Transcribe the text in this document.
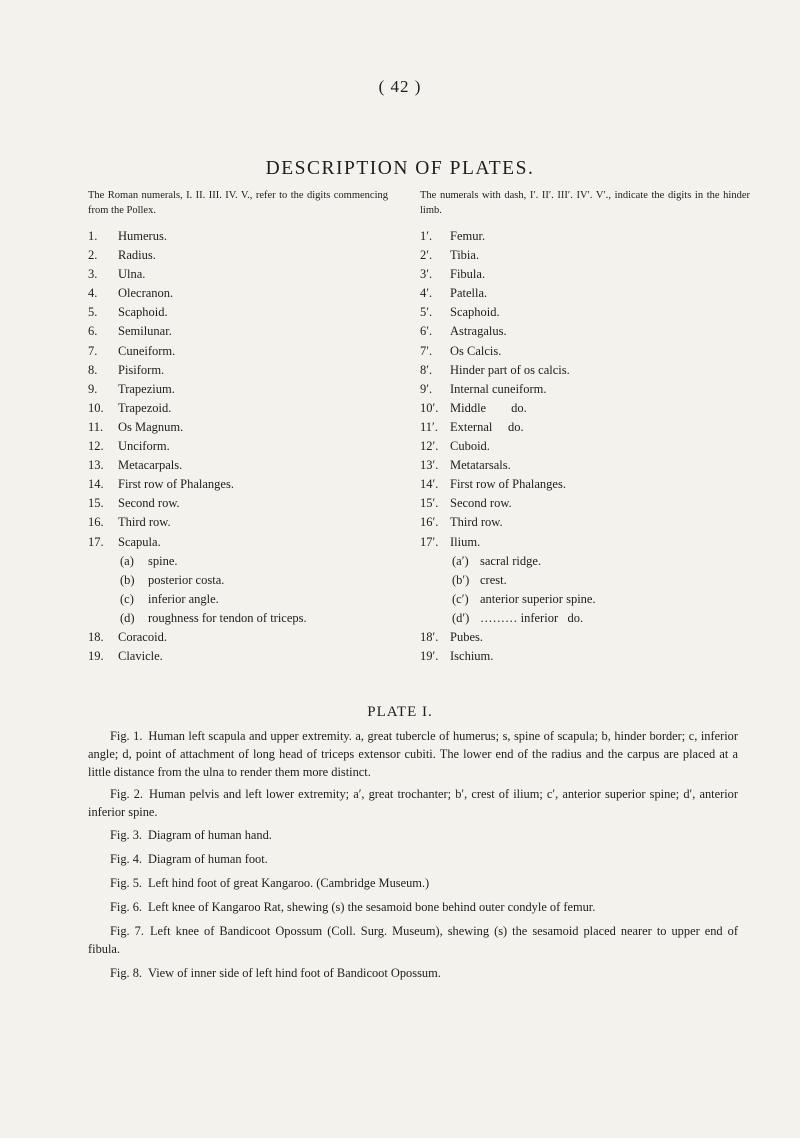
( 42 )
DESCRIPTION OF PLATES.

The Roman numerals, I. II. III. IV. V., refer to the digits commencing from the Pollex.

The numerals with dash, I′. II′. III′. IV′. V′., indicate the digits in the hinder limb.

1.	Humerus.
2.	Radius.
3.	Ulna.
4.	Olecranon.
5.	Scaphoid.
6.	Semilunar.
7.	Cuneiform.
8.	Pisiform.
9.	Trapezium.
10.	Trapezoid.
11.	Os Magnum.
12.	Unciform.
13.	Metacarpals.
14.	First row of Phalanges.
15.	Second row.
16.	Third row.
17.	Scapula.
(a)	spine.
(b)	posterior costa.
(c)	inferior angle.
(d)	roughness for tendon of triceps.
18.	Coracoid.
19.	Clavicle.
1′.	Femur.
2′.	Tibia.
3′.	Fibula.
4′.	Patella.
5′.	Scaphoid.
6′.	Astragalus.
7′.	Os Calcis.
8′.	Hinder part of os calcis.
9′.	Internal cuneiform.
10′. Middle        do.
11′. External     do.
12′. Cuboid.
13′. Metatarsals.
14′. First row of Phalanges.
15′. Second row.
16′. Third row.
17′. Ilium.
(a′) sacral ridge.
(b′) crest.
(c′) anterior superior spine.
(d′) ……… inferior   do.
18′. Pubes.
19′. Ischium.
PLATE I.
Fig. 1. Human left scapula and upper extremity. a, great tubercle of humerus; s, spine of scapula; b, hinder border; c, inferior angle; d, point of attachment of long head of triceps extensor cubiti. The lower end of the radius and the carpus are placed at a little distance from the ulna to render them more distinct.
Fig. 2. Human pelvis and left lower extremity; a′, great trochanter; b′, crest of ilium; c′, anterior superior spine; d′, anterior inferior spine.
Fig. 3. Diagram of human hand.
Fig. 4. Diagram of human foot.
Fig. 5. Left hind foot of great Kangaroo. (Cambridge Museum.)
Fig. 6. Left knee of Kangaroo Rat, shewing (s) the sesamoid bone behind outer condyle of femur.
Fig. 7. Left knee of Bandicoot Opossum (Coll. Surg. Museum), shewing (s) the sesamoid placed nearer to upper end of fibula.
Fig. 8. View of inner side of left hind foot of Bandicoot Opossum.
